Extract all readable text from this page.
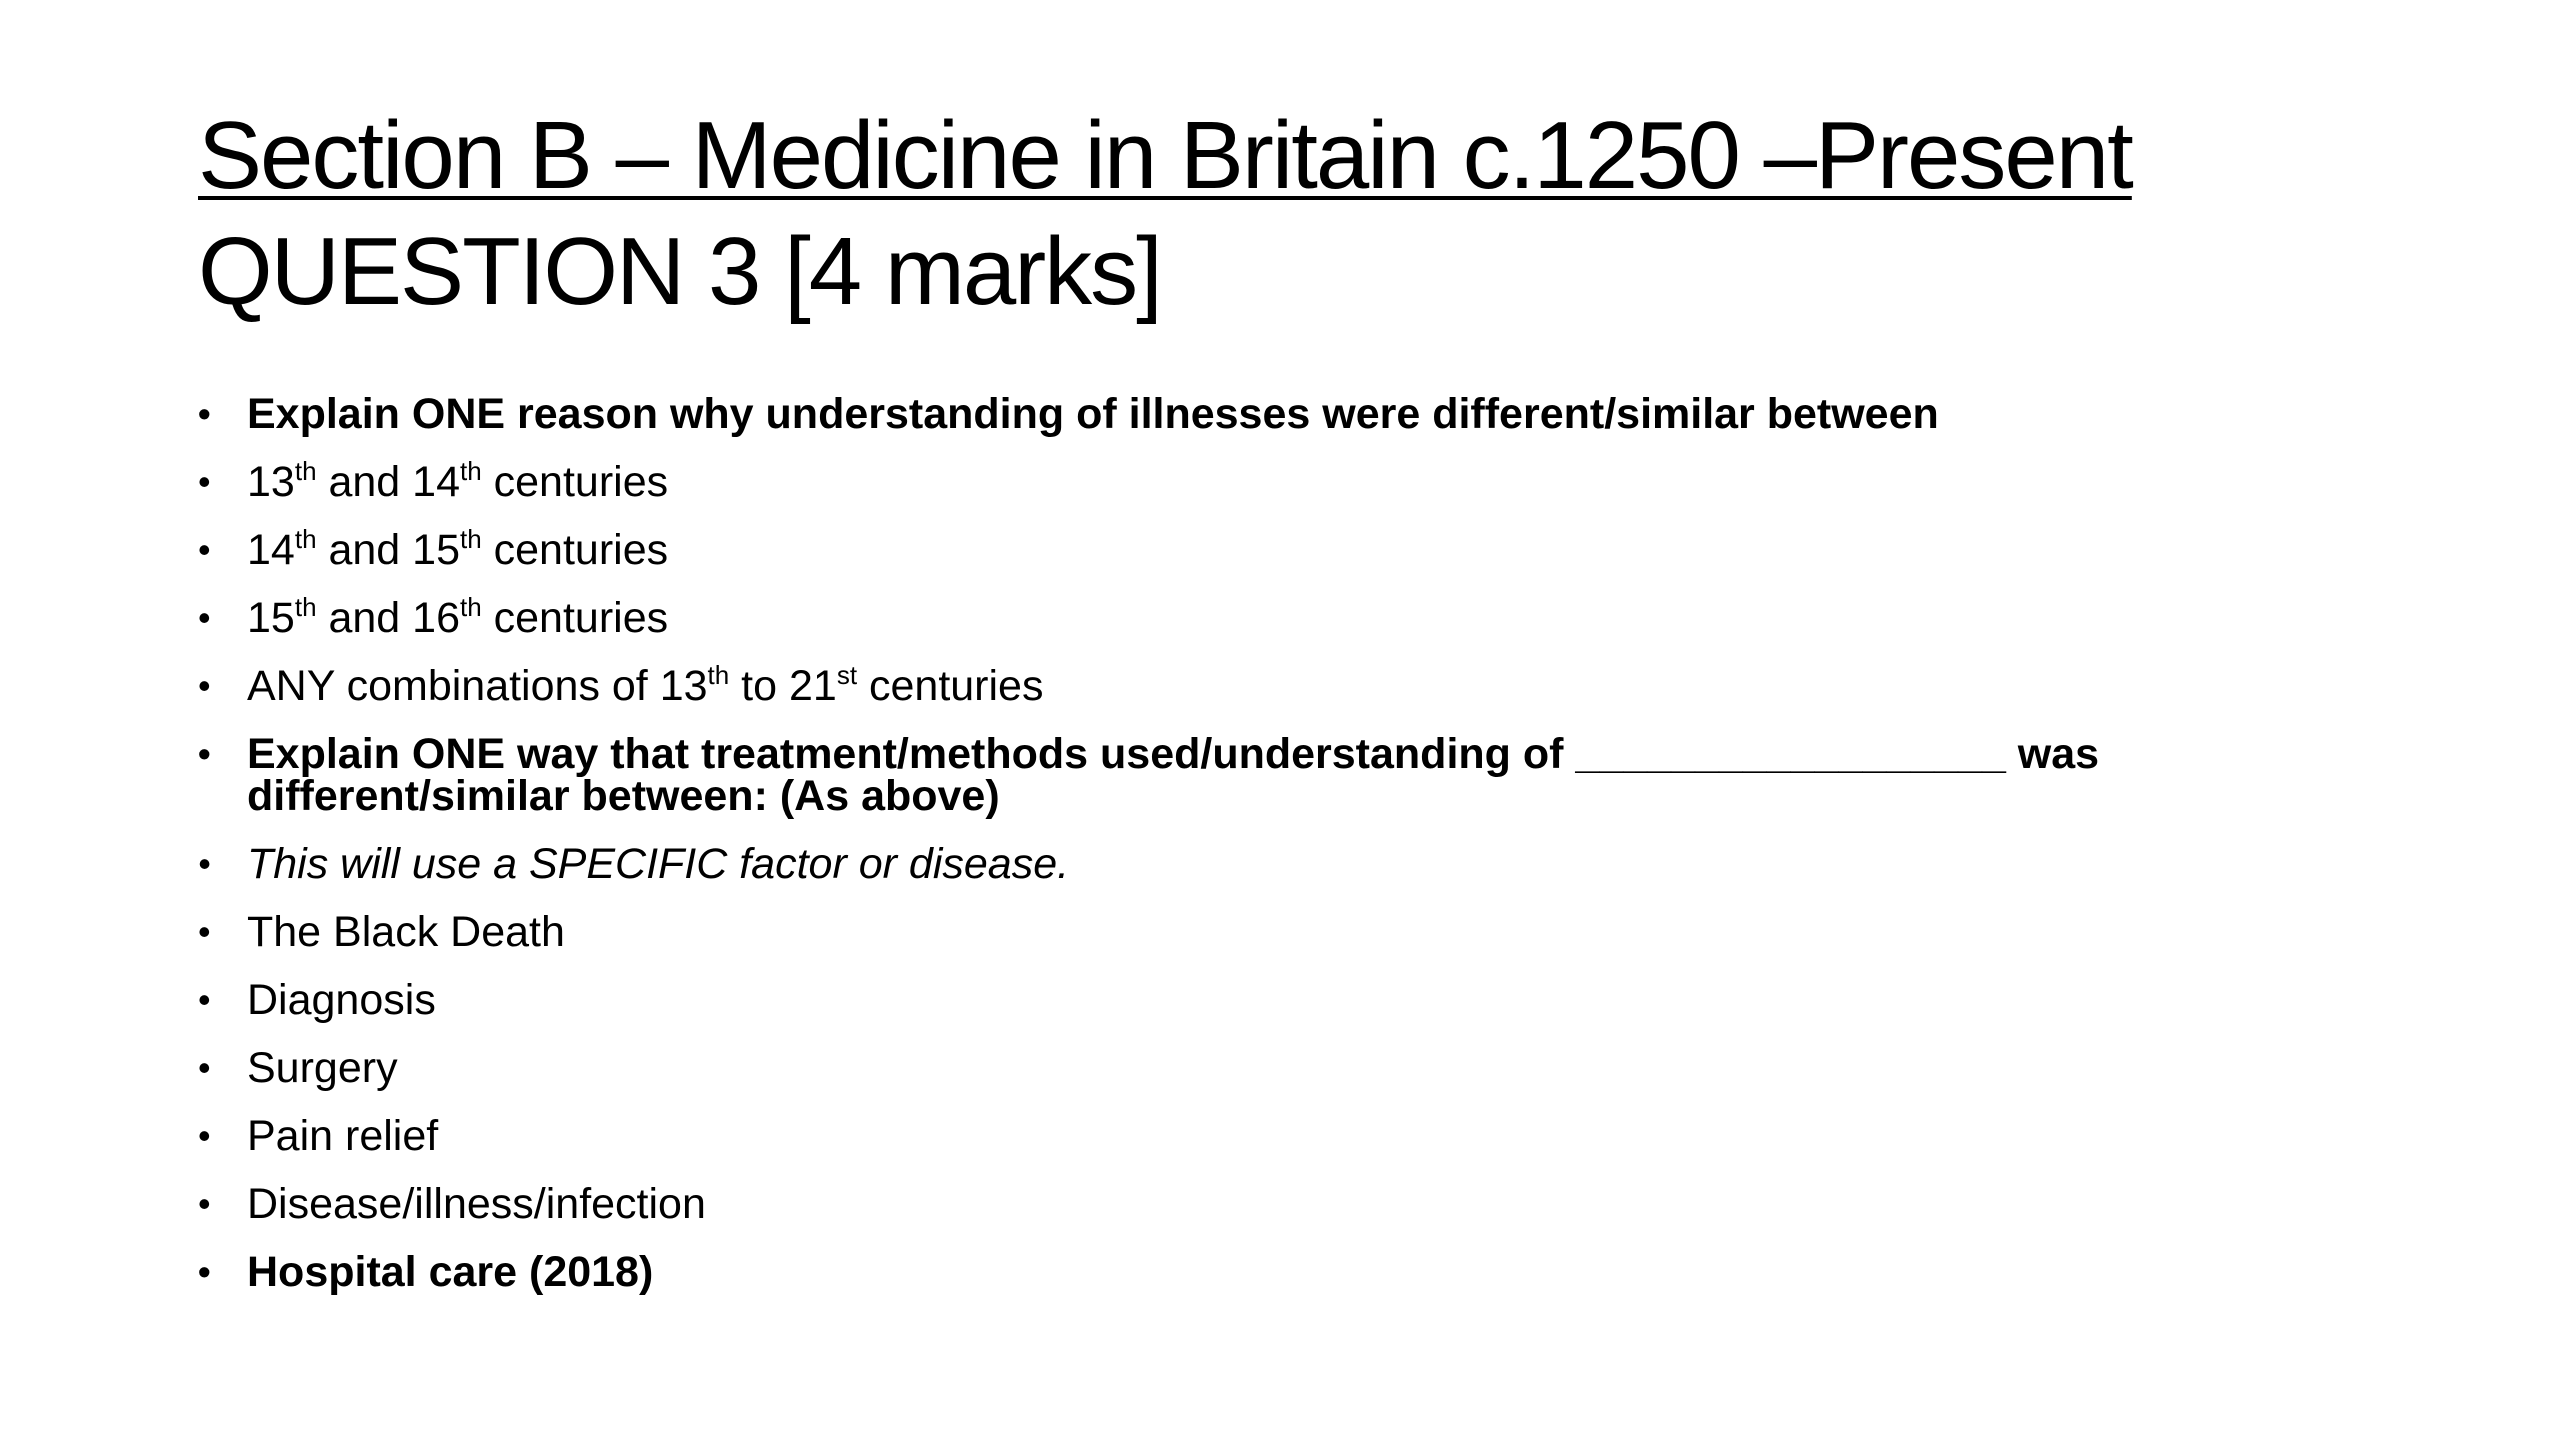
Section B – Medicine in Britain c.1250 –Present
QUESTION 3 [4 marks]
• Explain ONE reason why understanding of illnesses were different/similar between
• 13th and 14th centuries
• 14th and 15th centuries
• 15th and 16th centuries
• ANY combinations of 13th to 21st centuries
• Explain ONE way that treatment/methods used/understanding of __________________ was
different/similar between: (As above)
• This will use a SPECIFIC factor or disease.
• The Black Death
• Diagnosis
• Surgery
• Pain relief
• Disease/illness/infection
• Hospital care (2018)
